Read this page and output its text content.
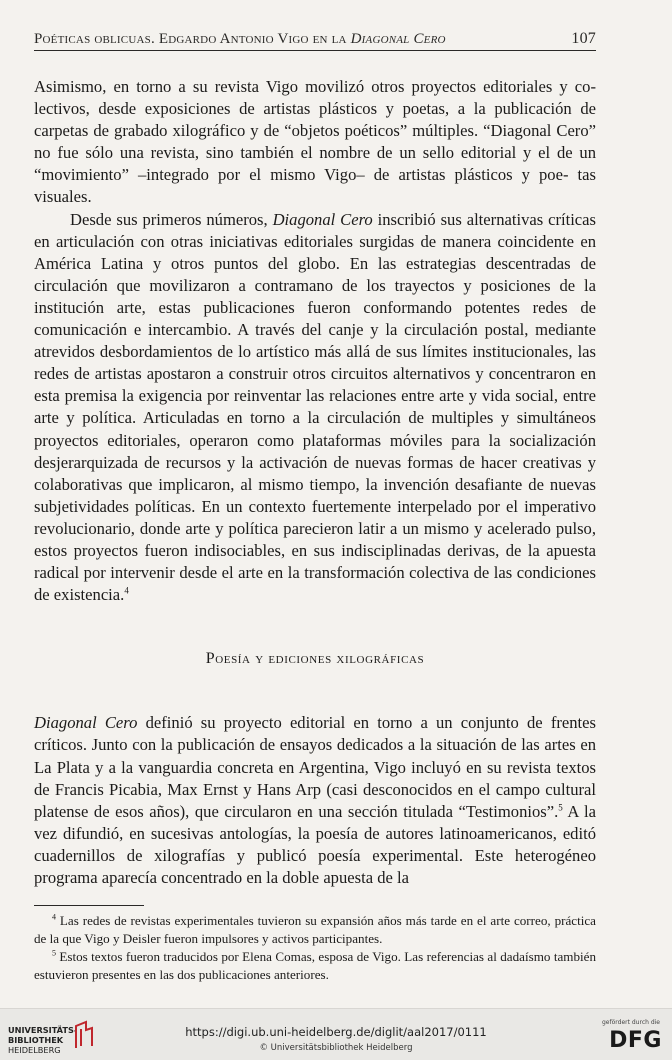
Poéticas oblicuas. Edgardo Antonio Vigo en la Diagonal Cero	107

Asimismo, en torno a su revista Vigo movilizó otros proyectos editoriales y co- lectivos, desde exposiciones de artistas plásticos y poetas, a la publicación de carpetas de grabado xilográfico y de “objetos poéticos” múltiples. “Diagonal Cero” no fue sólo una revista, sino también el nombre de un sello editorial y el de un “movimiento” –integrado por el mismo Vigo– de artistas plásticos y poe- tas visuales.

Desde sus primeros números, Diagonal Cero inscribió sus alternativas críticas en articulación con otras iniciativas editoriales surgidas de manera coincidente en América Latina y otros puntos del globo. En las estrategias descentradas de circulación que movilizaron a contramano de los trayectos y posiciones de la institución arte, estas publicaciones fueron conformando potentes redes de comunicación e intercambio. A través del canje y la circulación postal, mediante atrevidos desbordamientos de lo artístico más allá de sus límites institucionales, las redes de artistas apostaron a construir otros circuitos alternativos y concentraron en esta premisa la exigencia por reinventar las relaciones entre arte y vida social, entre arte y política. Articuladas en torno a la circulación de multiples y simultáneos proyectos editoriales, operaron como plataformas móviles para la socialización desjerarquizada de recursos y la activación de nuevas formas de hacer creativas y colaborativas que implicaron, al mismo tiempo, la invención desafiante de nuevas subjetividades políticas. En un contexto fuertemente interpelado por el imperativo revolucionario, donde arte y política parecieron latir a un mismo y acelerado pulso, estos proyectos fueron indisociables, en sus indisciplinadas derivas, de la apuesta radical por intervenir desde el arte en la transformación colectiva de las condiciones de existencia.$^4$

Poesía y ediciones xilográficas

Diagonal Cero definió su proyecto editorial en torno a un conjunto de frentes críticos. Junto con la publicación de ensayos dedicados a la situación de las artes en La Plata y a la vanguardia concreta en Argentina, Vigo incluyó en su revista textos de Francis Picabia, Max Ernst y Hans Arp (casi desconocidos en el campo cultural platense de esos años), que circularon en una sección titulada “Testimonios”.$^5$ A la vez difundió, en sucesivas antologías, la poesía de autores latinoamericanos, editó cuadernillos de xilografías y publicó poesía experimental. Este heterogéneo programa aparecía concentrado en la doble apuesta de la

$^4$ Las redes de revistas experimentales tuvieron su expansión años más tarde en el arte correo, práctica de la que Vigo y Deisler fueron impulsores y activos participantes.

$^5$ Estos textos fueron traducidos por Elena Comas, esposa de Vigo. Las referencias al dadaísmo también estuvieron presentes en las dos publicaciones anteriores.

UNIVERSITÄTS-
BIBLIOTHEK
HEIDELBERG
https://digi.ub.uni-heidelberg.de/diglit/aal2017/0111
© Universitätsbibliothek Heidelberg
gefördert durch die
DFG
